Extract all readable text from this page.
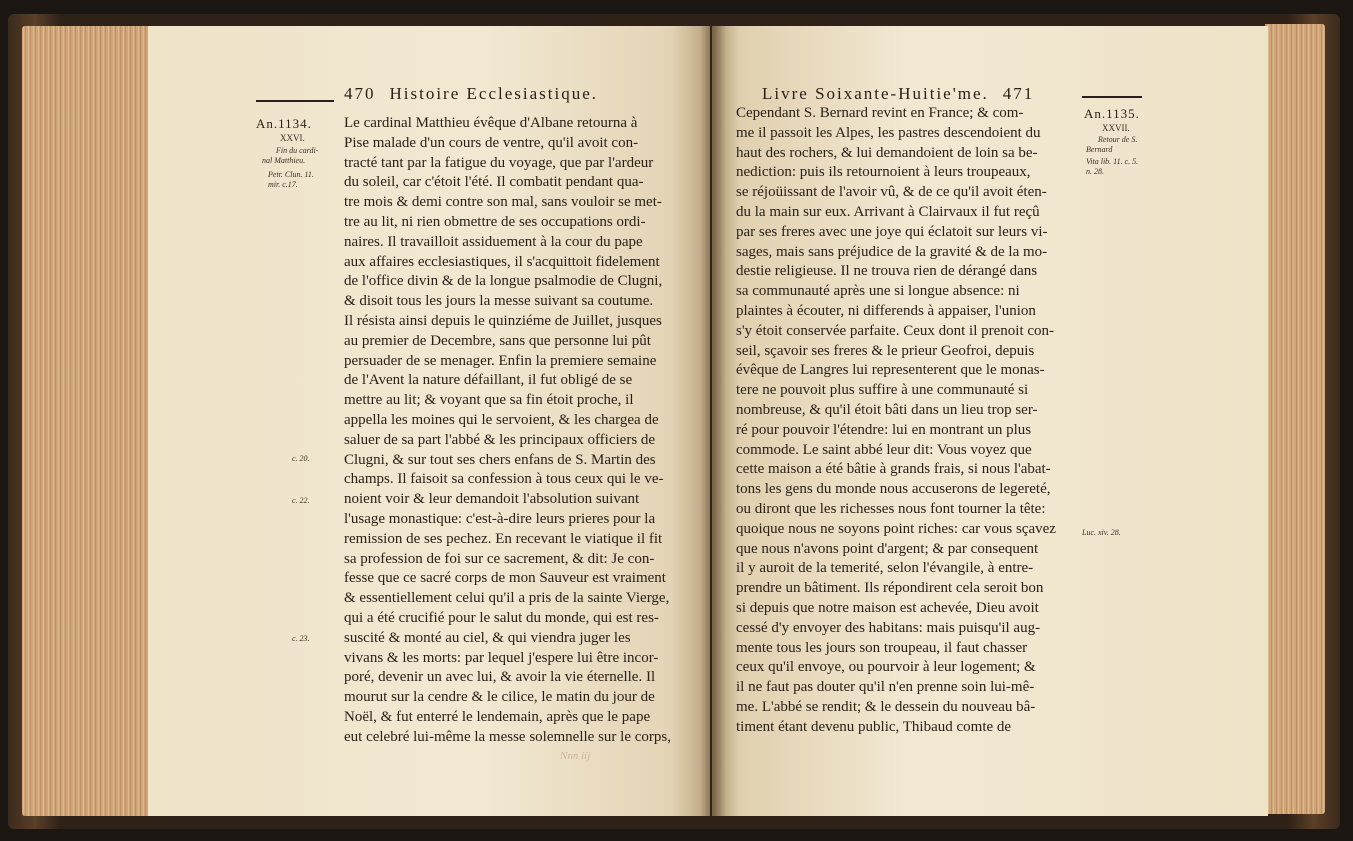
470 Histoire Ecclesiastique.
An.1134.
XXVI.
Fin du cardi-
nal Matthieu.
Petr. Clun. 11.
mir. c.17.
c. 20.
c. 22.
c. 23.
Le cardinal Matthieu évêque d'Albane retourna à
Pise malade d'un cours de ventre, qu'il avoit con-
tracté tant par la fatigue du voyage, que par l'ardeur
du soleil, car c'étoit l'été. Il combatit pendant qua-
tre mois & demi contre son mal, sans vouloir se met-
tre au lit, ni rien obmettre de ses occupations ordi-
naires. Il travailloit assiduement à la cour du pape
aux affaires ecclesiastiques, il s'acquittoit fidelement
de l'office divin & de la longue psalmodie de Clugni,
& disoit tous les jours la messe suivant sa coutume.
Il résista ainsi depuis le quinziéme de Juillet, jusques
au premier de Decembre, sans que personne lui pût
persuader de se menager. Enfin la premiere semaine
de l'Avent la nature défaillant, il fut obligé de se
mettre au lit; & voyant que sa fin étoit proche, il
appella les moines qui le servoient, & les chargea de
saluer de sa part l'abbé & les principaux officiers de
Clugni, & sur tout ses chers enfans de S. Martin des
champs. Il faisoit sa confession à tous ceux qui le ve-
noient voir & leur demandoit l'absolution suivant
l'usage monastique: c'est-à-dire leurs prieres pour la
remission de ses pechez. En recevant le viatique il fit
sa profession de foi sur ce sacrement, & dit: Je con-
fesse que ce sacré corps de mon Sauveur est vraiment
& essentiellement celui qu'il a pris de la sainte Vierge,
qui a été crucifié pour le salut du monde, qui est res-
suscité & monté au ciel, & qui viendra juger les
vivans & les morts: par lequel j'espere lui être incor-
poré, devenir un avec lui, & avoir la vie éternelle. Il
mourut sur la cendre & le cilice, le matin du jour de
Noël, & fut enterré le lendemain, après que le pape
eut celebré lui-même la messe solemnelle sur le corps,
Nnn iij
Livre Soixante-Huitie'me. 471
Cependant S. Bernard revint en France; & com-
me il passoit les Alpes, les pastres descendoient du
haut des rochers, & lui demandoient de loin sa be-
nediction: puis ils retournoient à leurs troupeaux,
se réjoüissant de l'avoir vû, & de ce qu'il avoit éten-
du la main sur eux. Arrivant à Clairvaux il fut reçû
par ses freres avec une joye qui éclatoit sur leurs vi-
sages, mais sans préjudice de la gravité & de la mo-
destie religieuse. Il ne trouva rien de dérangé dans
sa communauté après une si longue absence: ni
plaintes à écouter, ni differends à appaiser, l'union
s'y étoit conservée parfaite. Ceux dont il prenoit con-
seil, sçavoir ses freres & le prieur Geofroi, depuis
évêque de Langres lui representerent que le monas-
tere ne pouvoit plus suffire à une communauté si
nombreuse, & qu'il étoit bâti dans un lieu trop ser-
ré pour pouvoir l'étendre: lui en montrant un plus
commode. Le saint abbé leur dit: Vous voyez que
cette maison a été bâtie à grands frais, si nous l'abat-
tons les gens du monde nous accuserons de legereté,
ou diront que les richesses nous font tourner la tête:
quoique nous ne soyons point riches: car vous sçavez
que nous n'avons point d'argent; & par consequent
il y auroit de la temerité, selon l'évangile, à entre-
prendre un bâtiment. Ils répondirent cela seroit bon
si depuis que notre maison est achevée, Dieu avoit
cessé d'y envoyer des habitans: mais puisqu'il aug-
mente tous les jours son troupeau, il faut chasser
ceux qu'il envoye, ou pourvoir à leur logement; &
il ne faut pas douter qu'il n'en prenne soin lui-mê-
me. L'abbé se rendit; & le dessein du nouveau bâ-
timent étant devenu public, Thibaud comte de
An.1135.
XXVII.
Retour de S.
Bernard
Vita lib. 11. c. 5.
n. 28.
Luc. xiv. 28.
